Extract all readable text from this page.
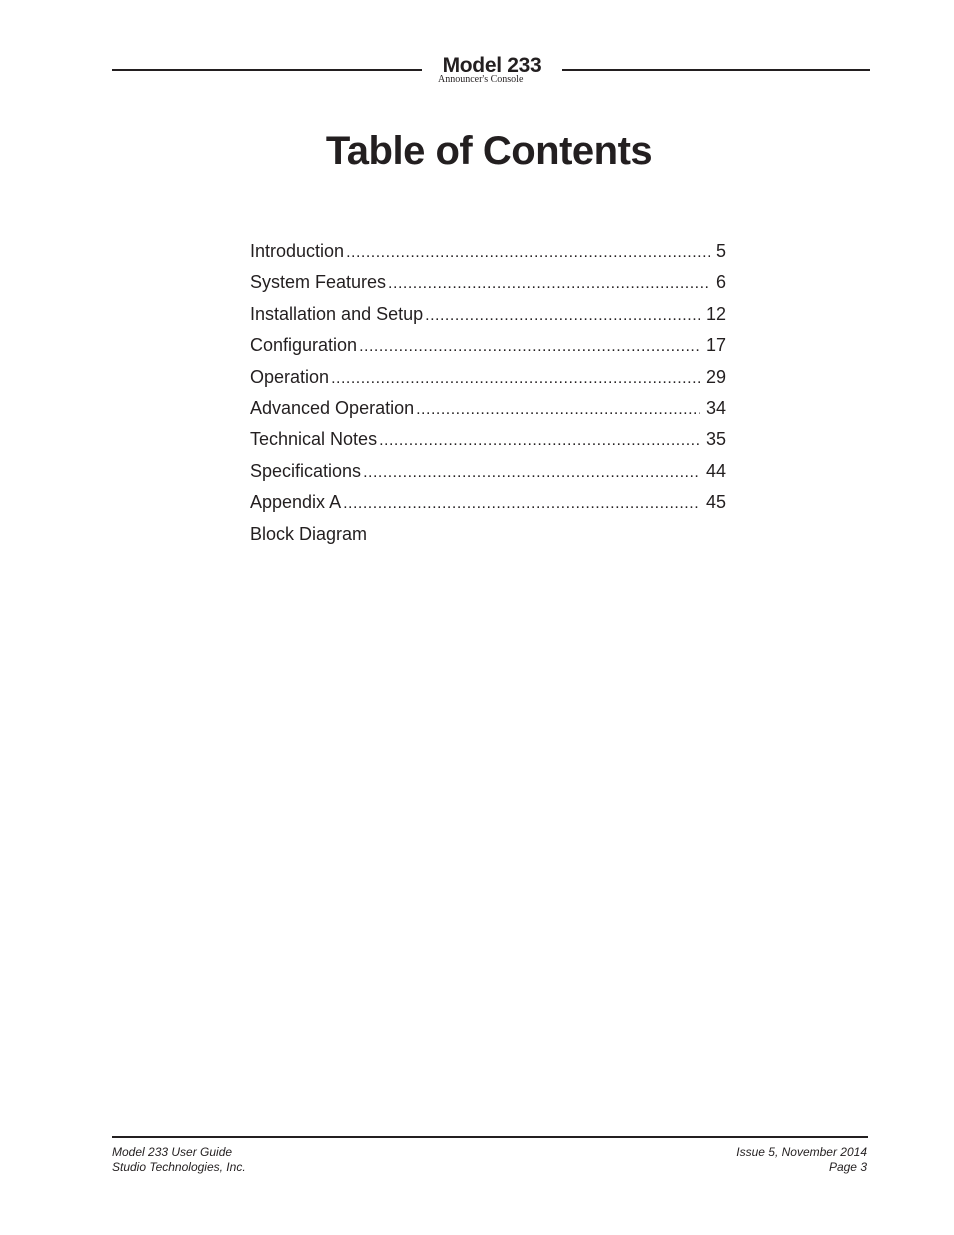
Model 233
Announcer's Console
Table of Contents
Introduction .....	5
System Features .....	6
Installation and Setup .....	12
Configuration .....	17
Operation .....	29
Advanced Operation .....	34
Technical Notes .....	35
Specifications .....	44
Appendix A .....	45
Block Diagram
Model 233 User Guide
Studio Technologies, Inc.
Issue 5, November 2014
Page 3
